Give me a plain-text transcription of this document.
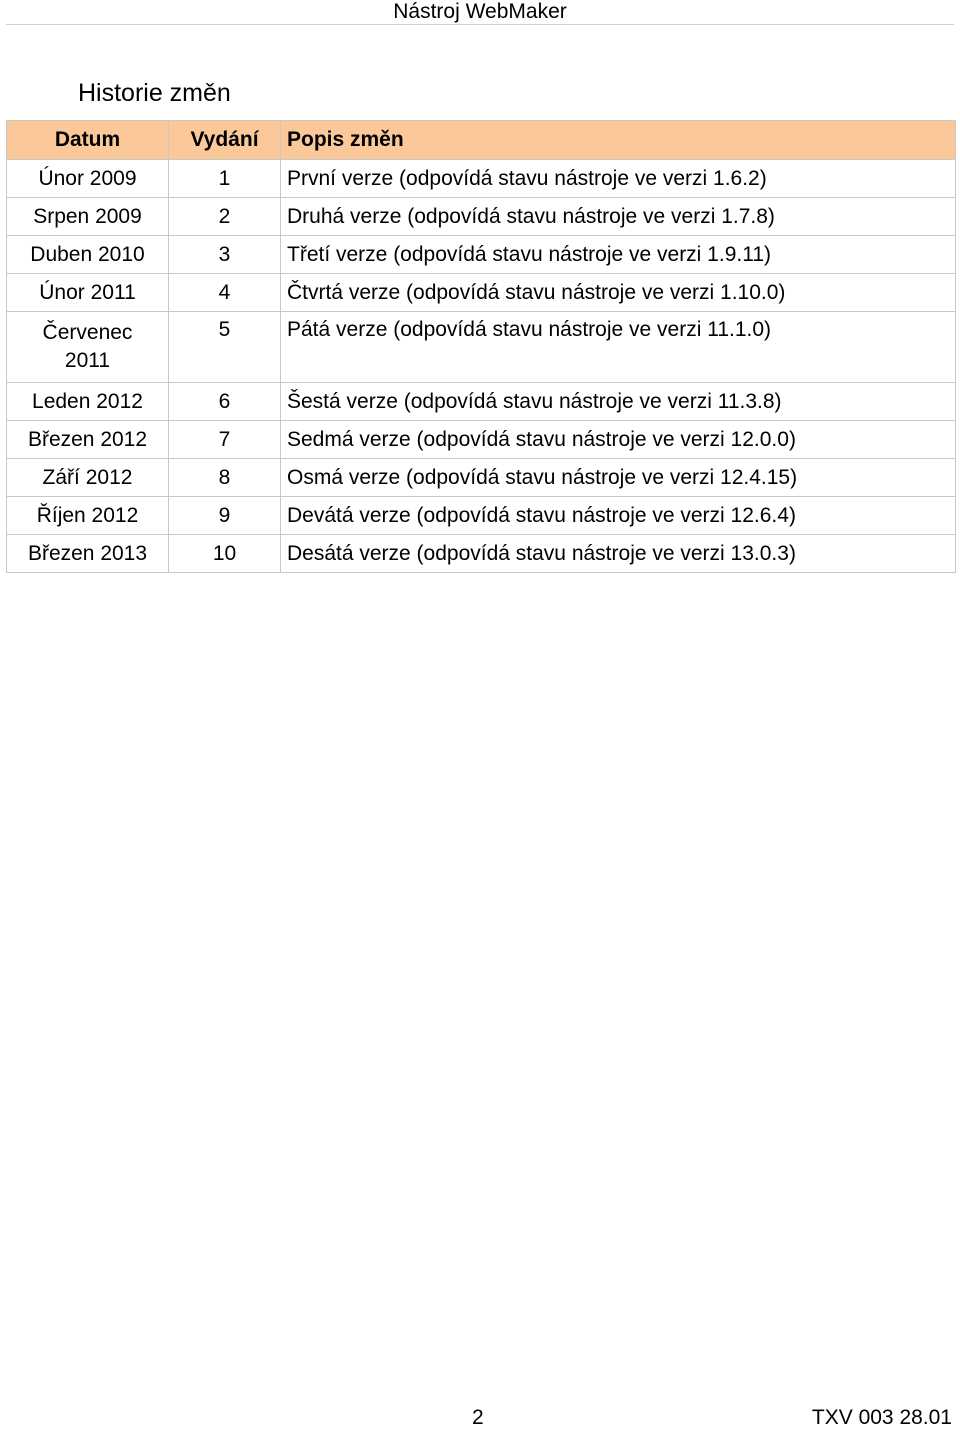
Nástroj WebMaker
Historie změn
Datum	Vydání	Popis změn
Únor 2009	1	První verze (odpovídá stavu nástroje ve verzi 1.6.2)
Srpen 2009	2	Druhá verze (odpovídá stavu nástroje ve verzi 1.7.8)
Duben 2010	3	Třetí verze (odpovídá stavu nástroje ve verzi 1.9.11)
Únor 2011	4	Čtvrtá verze (odpovídá stavu nástroje ve verzi 1.10.0)
Červenec
2011	5	Pátá verze (odpovídá stavu nástroje ve verzi 11.1.0)
Leden 2012	6	Šestá verze (odpovídá stavu nástroje ve verzi 11.3.8)
Březen 2012	7	Sedmá verze (odpovídá stavu nástroje ve verzi 12.0.0)
Září 2012	8	Osmá verze (odpovídá stavu nástroje ve verzi 12.4.15)
Říjen 2012	9	Devátá verze (odpovídá stavu nástroje ve verzi 12.6.4)
Březen 2013	10	Desátá verze (odpovídá stavu nástroje ve verzi 13.0.3)
2	TXV 003 28.01
